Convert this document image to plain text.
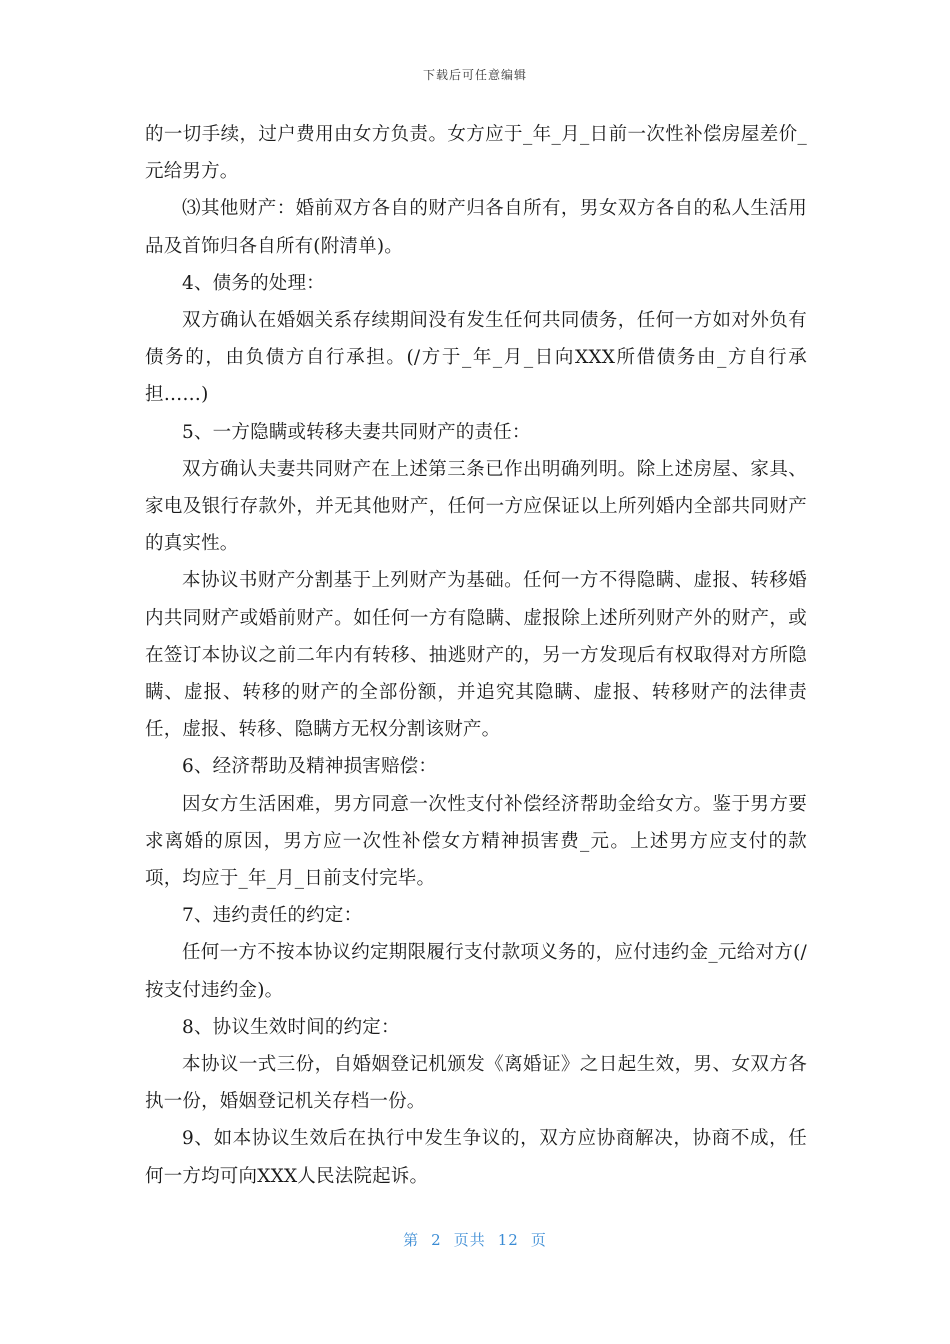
下载后可任意编辑

的一切手续，过户费用由女方负责。女方应于_年_月_日前一次性补偿房屋差价_元给男方。

⑶其他财产：婚前双方各自的财产归各自所有，男女双方各自的私人生活用品及首饰归各自所有(附清单)。

4、债务的处理：

双方确认在婚姻关系存续期间没有发生任何共同债务，任何一方如对外负有债务的，由负债方自行承担。(/方于_年_月_日向XXX所借债务由_方自行承担……)

5、一方隐瞒或转移夫妻共同财产的责任：

双方确认夫妻共同财产在上述第三条已作出明确列明。除上述房屋、家具、家电及银行存款外，并无其他财产，任何一方应保证以上所列婚内全部共同财产的真实性。

本协议书财产分割基于上列财产为基础。任何一方不得隐瞒、虚报、转移婚内共同财产或婚前财产。如任何一方有隐瞒、虚报除上述所列财产外的财产，或在签订本协议之前二年内有转移、抽逃财产的，另一方发现后有权取得对方所隐瞒、虚报、转移的财产的全部份额，并追究其隐瞒、虚报、转移财产的法律责任，虚报、转移、隐瞒方无权分割该财产。

6、经济帮助及精神损害赔偿：

因女方生活困难，男方同意一次性支付补偿经济帮助金给女方。鉴于男方要求离婚的原因，男方应一次性补偿女方精神损害费_元。上述男方应支付的款项，均应于_年_月_日前支付完毕。

7、违约责任的约定：

任何一方不按本协议约定期限履行支付款项义务的，应付违约金_元给对方(/按支付违约金)。

8、协议生效时间的约定：

本协议一式三份，自婚姻登记机颁发《离婚证》之日起生效，男、女双方各执一份，婚姻登记机关存档一份。

9、如本协议生效后在执行中发生争议的，双方应协商解决，协商不成，任何一方均可向XXX人民法院起诉。

第 2 页共 12 页
